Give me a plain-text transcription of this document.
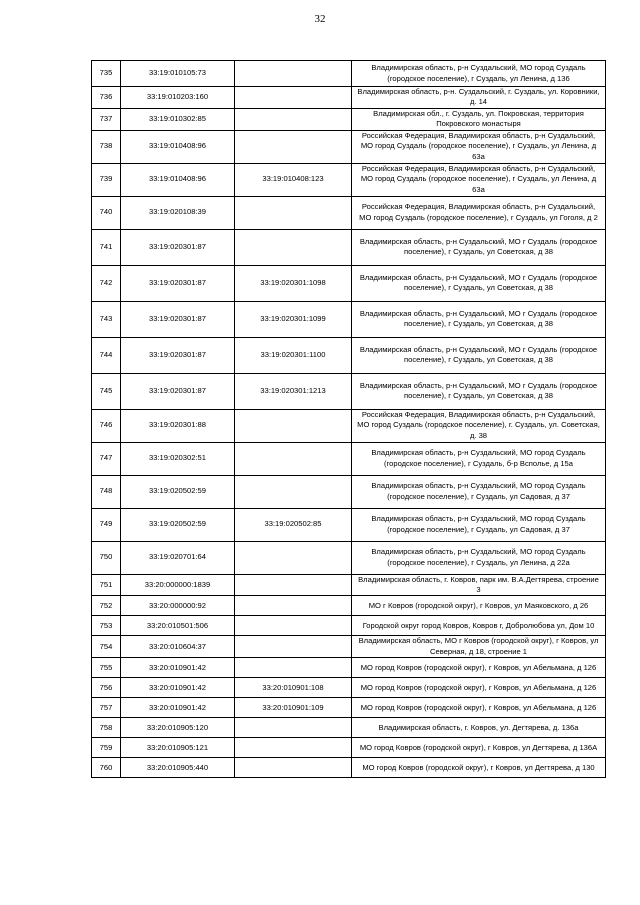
32
735	33:19:010105:73		Владимирская область, р-н Суздальский, МО город Суздаль (городское поселение), г Суздаль, ул Ленина, д 136
736	33:19:010203:160		Владимирская область, р-н. Суздальский, г. Суздаль, ул. Коровники, д. 14
737	33:19:010302:85		Владимирская обл., г. Суздаль, ул. Покровская, территория Покровского монастыря
738	33:19:010408:96		Российская Федерация, Владимирская область, р-н Суздальский, МО город Суздаль (городское поселение), г Суздаль, ул Ленина, д 63а
739	33:19:010408:96	33:19:010408:123	Российская Федерация, Владимирская область, р-н Суздальский, МО город Суздаль (городское поселение), г Суздаль, ул Ленина, д 63а
740	33:19:020108:39		Российская Федерация, Владимирская область, р-н Суздальский, МО город Суздаль (городское поселение), г Суздаль, ул Гоголя, д 2
741	33:19:020301:87		Владимирская область, р-н Суздальский, МО г Суздаль (городское поселение), г Суздаль, ул Советская, д 38
742	33:19:020301:87	33:19:020301:1098	Владимирская область, р-н Суздальский, МО г Суздаль (городское поселение), г Суздаль, ул Советская, д 38
743	33:19:020301:87	33:19:020301:1099	Владимирская область, р-н Суздальский, МО г Суздаль (городское поселение), г Суздаль, ул Советская, д 38
744	33:19:020301:87	33:19:020301:1100	Владимирская область, р-н Суздальский, МО г Суздаль (городское поселение), г Суздаль, ул Советская, д 38
745	33:19:020301:87	33:19:020301:1213	Владимирская область, р-н Суздальский, МО г Суздаль (городское поселение), г Суздаль, ул Советская, д 38
746	33:19:020301:88		Российская Федерация, Владимирская область, р-н Суздальский, МО город Суздаль (городское поселение), г. Суздаль, ул. Советская, д. 38
747	33:19:020302:51		Владимирская область, р-н Суздальский, МО город Суздаль (городское поселение), г Суздаль, б-р Вспольe, д 15а
748	33:19:020502:59		Владимирская область, р-н Суздальский, МО город Суздаль (городское поселение), г Суздаль, ул Садовая, д 37
749	33:19:020502:59	33:19:020502:85	Владимирская область, р-н Суздальский, МО город Суздаль (городское поселение), г Суздаль, ул Садовая, д 37
750	33:19:020701:64		Владимирская область, р-н Суздальский, МО город Суздаль (городское поселение), г Суздаль, ул Ленина, д 22а
751	33:20:000000:1839		Владимирская область, г. Ковров, парк им. В.А.Дегтярева, строение 3
752	33:20:000000:92		МО г Ковров (городской округ), г Ковров, ул Маяковского, д 26
753	33:20:010501:506		Городской округ город Ковров, Ковров г, Добролюбова ул, Дом 10
754	33:20:010604:37		Владимирская область, МО г Ковров (городской округ), г Ковров, ул Северная, д 18, строение 1
755	33:20:010901:42		МО город Ковров (городской округ), г Ковров, ул Абельмана, д 126
756	33:20:010901:42	33:20:010901:108	МО город Ковров (городской округ), г Ковров, ул Абельмана, д 126
757	33:20:010901:42	33:20:010901:109	МО город Ковров (городской округ), г Ковров, ул Абельмана, д 126
758	33:20:010905:120		Владимирская область, г. Ковров, ул. Дегтярева, д. 136а
759	33:20:010905:121		МО город Ковров (городской округ), г Ковров, ул Дегтярева, д 136А
760	33:20:010905:440		МО город Ковров (городской округ), г Ковров, ул Дегтярева, д 130
